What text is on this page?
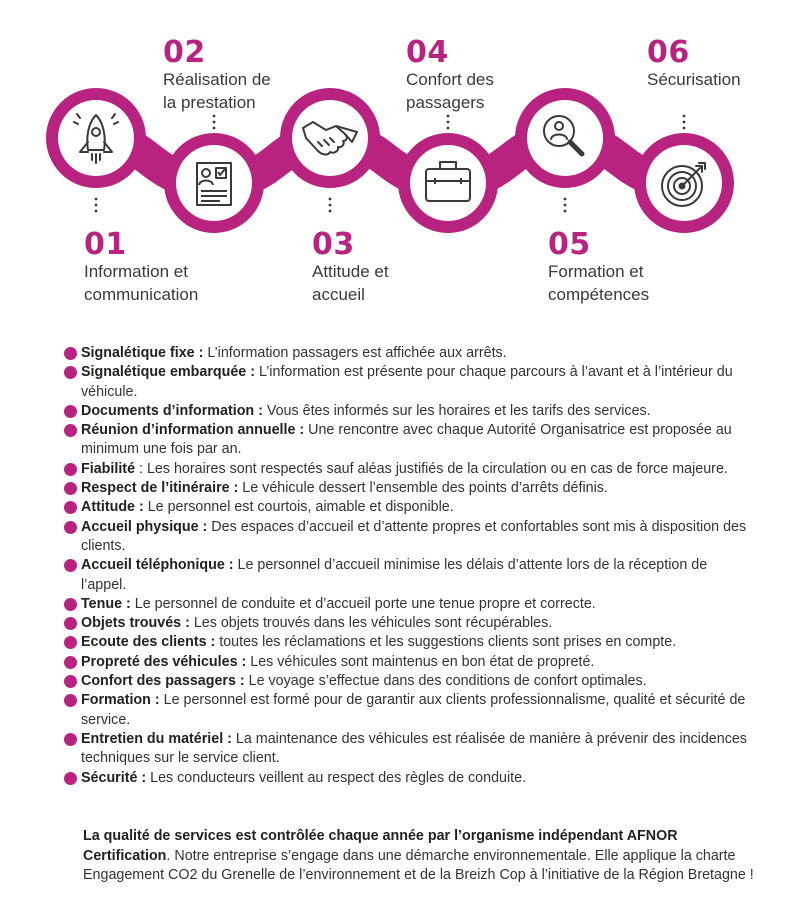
02
Réalisation de
la prestation
04
Confort des
passagers
06
Sécurisation
01
Information et
communication
03
Attitude et
accueil
05
Formation et
compétences
Signalétique fixe : L’information passagers est affichée aux arrêts.
Signalétique embarquée : L’information est présente pour chaque parcours à l’avant et à l’intérieur du véhicule.
Documents d’information : Vous êtes informés sur les horaires et les tarifs des services.
Réunion d’information annuelle : Une rencontre avec chaque Autorité Organisatrice est proposée au minimum une fois par an.
Fiabilité : Les horaires sont respectés sauf aléas justifiés de la circulation ou en cas de force majeure.
Respect de l’itinéraire : Le véhicule dessert l’ensemble des points d’arrêts définis.
Attitude : Le personnel est courtois, aimable et disponible.
Accueil physique : Des espaces d’accueil et d’attente propres et confortables sont mis à disposition des clients.
Accueil téléphonique : Le personnel d’accueil minimise les délais d’attente lors de la réception de l’appel.
Tenue : Le personnel de conduite et d’accueil porte une tenue propre et correcte.
Objets trouvés : Les objets trouvés dans les véhicules sont récupérables.
Ecoute des clients : toutes les réclamations et les suggestions clients sont prises en compte.
Propreté des véhicules : Les véhicules sont maintenus en bon état de propreté.
Confort des passagers : Le voyage s’effectue dans des conditions de confort optimales.
Formation : Le personnel est formé pour de garantir aux clients professionnalisme, qualité et sécurité de service.
Entretien du matériel : La maintenance des véhicules est réalisée de manière à prévenir des incidences techniques sur le service client.
Sécurité : Les conducteurs veillent au respect des règles de conduite.

La qualité de services est contrôlée chaque année par l’organisme indépendant AFNOR Certification. Notre entreprise s’engage dans une démarche environnementale. Elle applique la charte Engagement CO2 du Grenelle de l’environnement et de la Breizh Cop à l’initiative de la Région Bretagne !
